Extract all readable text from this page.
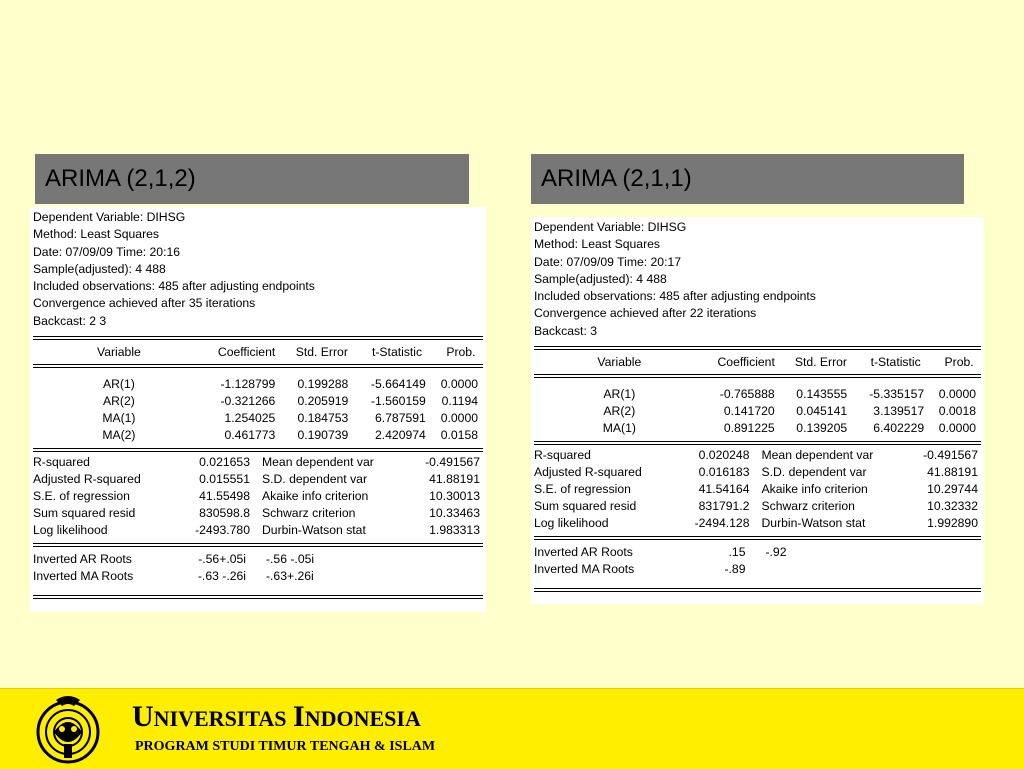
ARIMA (2,1,2)	ARIMA (2,1,1)
Dependent Variable: DIHSG
Method: Least Squares
Date: 07/09/09 Time: 20:16
Sample(adjusted): 4 488
Included observations: 485 after adjusting endpoints
Convergence achieved after 35 iterations
Backcast: 2 3
Variable	Coefficient	Std. Error	t-Statistic	Prob.
AR(1)	-1.128799	0.199288	-5.664149	0.0000
AR(2)	-0.321266	0.205919	-1.560159	0.1194
MA(1)	1.254025	0.184753	6.787591	0.0000
MA(2)	0.461773	0.190739	2.420974	0.0158
R-squared	0.021653	Mean dependent var	-0.491567
Adjusted R-squared	0.015551	S.D. dependent var	41.88191
S.E. of regression	41.55498	Akaike info criterion	10.30013
Sum squared resid	830598.8	Schwarz criterion	10.33463
Log likelihood	-2493.780	Durbin-Watson stat	1.983313
Inverted AR Roots	-.56+.05i	-.56 -.05i
Inverted MA Roots	-.63 -.26i	-.63+.26i
Dependent Variable: DIHSG
Method: Least Squares
Date: 07/09/09 Time: 20:17
Sample(adjusted): 4 488
Included observations: 485 after adjusting endpoints
Convergence achieved after 22 iterations
Backcast: 3
Variable	Coefficient	Std. Error	t-Statistic	Prob.
AR(1)	-0.765888	0.143555	-5.335157	0.0000
AR(2)	0.141720	0.045141	3.139517	0.0018
MA(1)	0.891225	0.139205	6.402229	0.0000
R-squared	0.020248	Mean dependent var	-0.491567
Adjusted R-squared	0.016183	S.D. dependent var	41.88191
S.E. of regression	41.54164	Akaike info criterion	10.29744
Sum squared resid	831791.2	Schwarz criterion	10.32332
Log likelihood	-2494.128	Durbin-Watson stat	1.992890
Inverted AR Roots	.15	-.92
Inverted MA Roots	-.89	
UNIVERSITAS INDONESIA
PROGRAM STUDI TIMUR TENGAH & ISLAM
